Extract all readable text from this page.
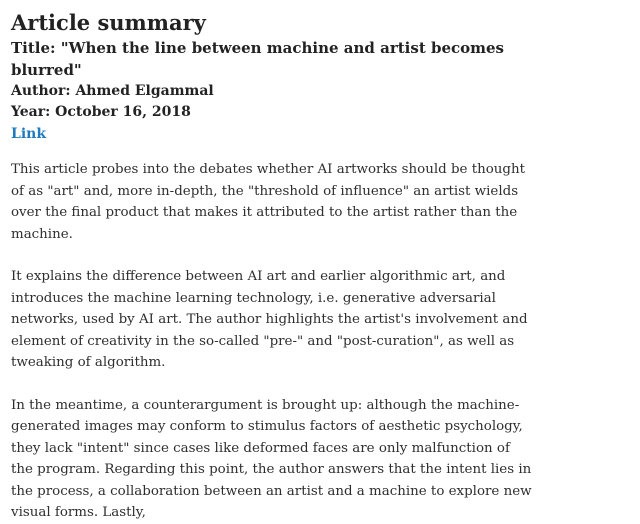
Article summary
Title: "When the line between machine and artist becomes blurred"
Author: Ahmed Elgammal
Year: October 16, 2018
Link

This article probes into the debates whether AI artworks should be thought of as "art" and, more in-depth, the "threshold of influence" an artist wields over the final product that makes it attributed to the artist rather than the machine.

It explains the difference between AI art and earlier algorithmic art, and introduces the machine learning technology, i.e. generative adversarial networks, used by AI art. The author highlights the artist's involvement and element of creativity in the so-called "pre-" and "post-curation", as well as tweaking of algorithm.

In the meantime, a counterargument is brought up: although the machine-generated images may conform to stimulus factors of aesthetic psychology, they lack "intent" since cases like deformed faces are only malfunction of the program. Regarding this point, the author answers that the intent lies in the process, a collaboration between an artist and a machine to explore new visual forms. Lastly,
